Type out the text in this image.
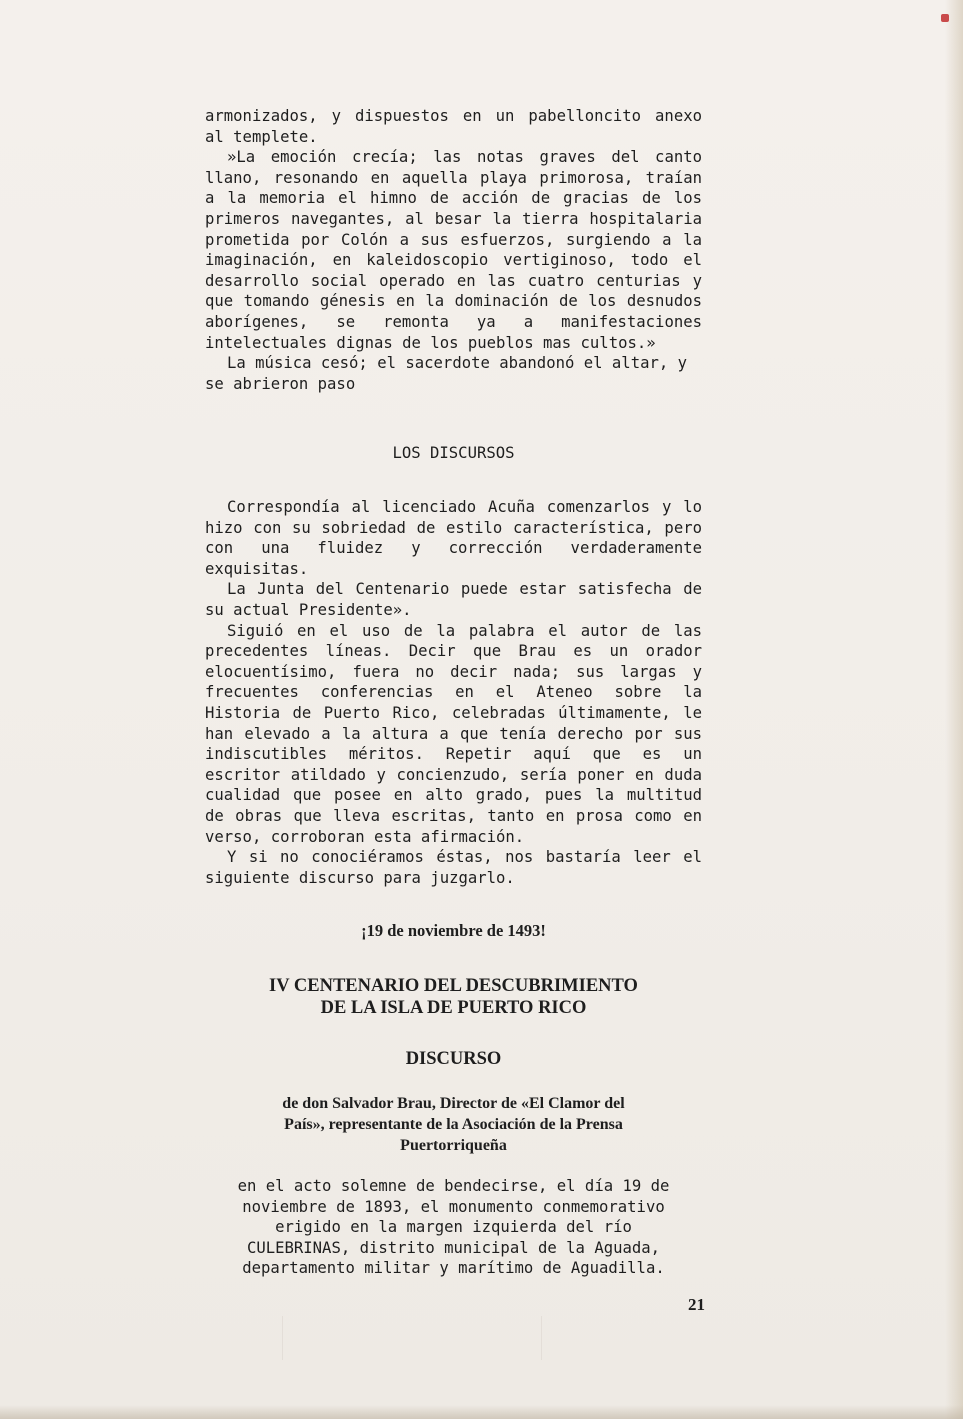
armonizados, y dispuestos en un pabelloncito anexo al templete.

»La emoción crecía; las notas graves del canto llano, resonando en aquella playa primorosa, traían a la memoria el himno de acción de gracias de los primeros navegantes, al besar la tierra hospitalaria prometida por Colón a sus esfuerzos, surgiendo a la imaginación, en kaleidoscopio vertiginoso, todo el desarrollo social operado en las cuatro centurias y que tomando génesis en la dominación de los desnudos aborígenes, se remonta ya a manifestaciones intelectuales dignas de los pueblos mas cultos.»

La música cesó; el sacerdote abandonó el altar, y se abrieron paso

LOS DISCURSOS

Correspondía al licenciado Acuña comenzarlos y lo hizo con su sobriedad de estilo característica, pero con una fluidez y corrección verdaderamente exquisitas.

La Junta del Centenario puede estar satisfecha de su actual Presidente».

Siguió en el uso de la palabra el autor de las precedentes líneas. Decir que Brau es un orador elocuentísimo, fuera no decir nada; sus largas y frecuentes conferencias en el Ateneo sobre la Historia de Puerto Rico, celebradas últimamente, le han elevado a la altura a que tenía derecho por sus indiscutibles méritos. Repetir aquí que es un escritor atildado y concienzudo, sería poner en duda cualidad que posee en alto grado, pues la multitud de obras que lleva escritas, tanto en prosa como en verso, corroboran esta afirmación.

Y si no conociéramos éstas, nos bastaría leer el siguiente discurso para juzgarlo.

¡19 de noviembre de 1493!
IV CENTENARIO DEL DESCUBRIMIENTO
DE LA ISLA DE PUERTO RICO
DISCURSO
de don Salvador Brau, Director de «El Clamor del
País», representante de la Asociación de la Prensa
Puertorriqueña
en el acto solemne de bendecirse, el día 19 de
noviembre de 1893, el monumento conmemorativo
erigido en la margen izquierda del río
CULEBRINAS, distrito municipal de la Aguada,
departamento militar y marítimo de Aguadilla.
21
